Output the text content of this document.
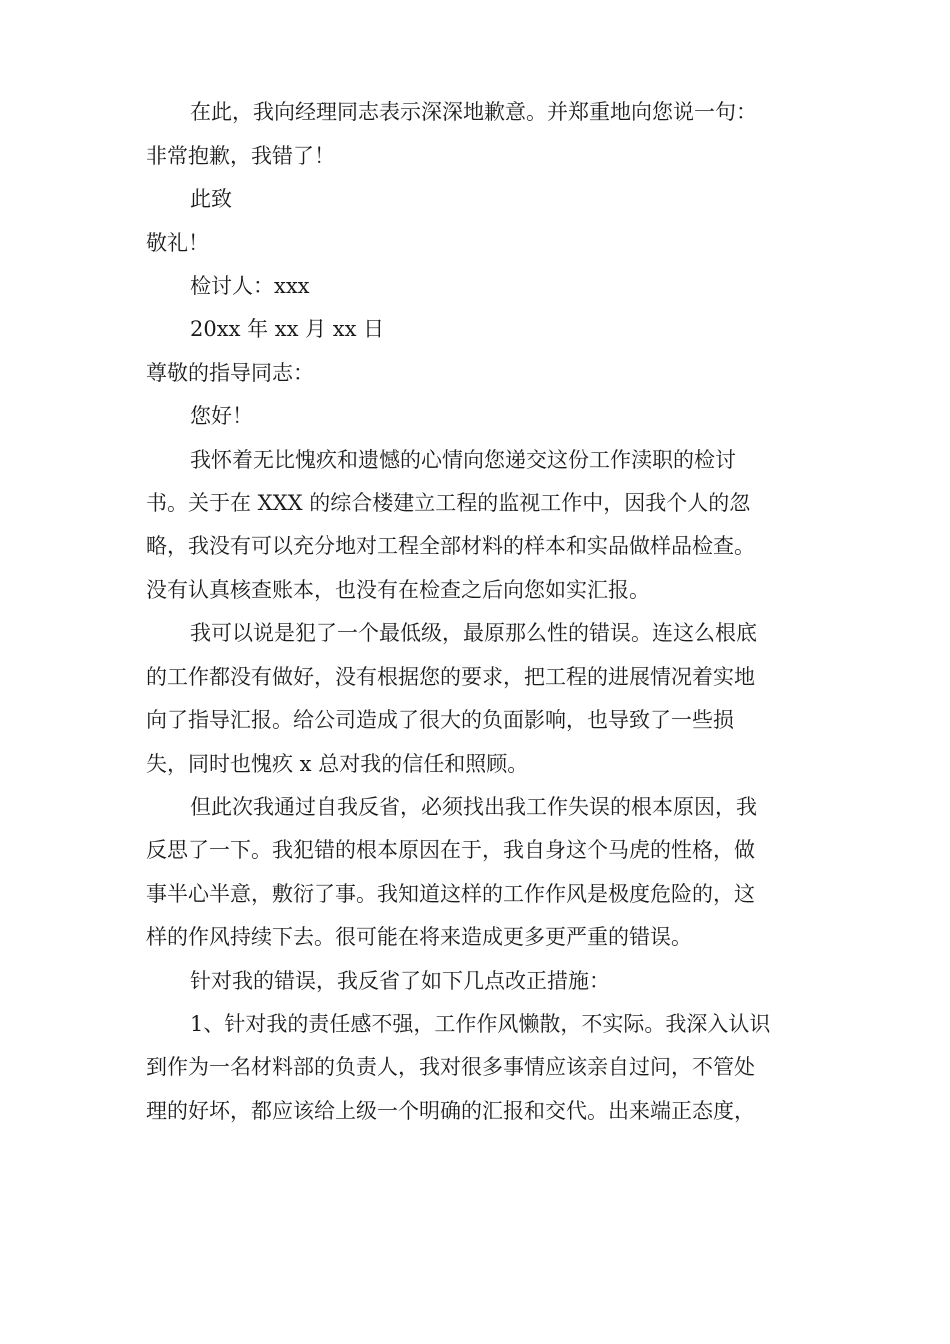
在此，我向经理同志表示深深地歉意。并郑重地向您说一句：
非常抱歉，我错了！
此致
敬礼！
检讨人：xxx
20xx 年 xx 月 xx 日
尊敬的指导同志：
您好！
我怀着无比愧疚和遗憾的心情向您递交这份工作渎职的检讨
书。关于在 XXX 的综合楼建立工程的监视工作中，因我个人的忽
略，我没有可以充分地对工程全部材料的样本和实品做样品检查。
没有认真核查账本，也没有在检查之后向您如实汇报。
我可以说是犯了一个最低级，最原那么性的错误。连这么根底
的工作都没有做好，没有根据您的要求，把工程的进展情况着实地
向了指导汇报。给公司造成了很大的负面影响，也导致了一些损
失，同时也愧疚 x 总对我的信任和照顾。
但此次我通过自我反省，必须找出我工作失误的根本原因，我
反思了一下。我犯错的根本原因在于，我自身这个马虎的性格，做
事半心半意，敷衍了事。我知道这样的工作作风是极度危险的，这
样的作风持续下去。很可能在将来造成更多更严重的错误。
针对我的错误，我反省了如下几点改正措施：
1、针对我的责任感不强，工作作风懒散，不实际。我深入认识
到作为一名材料部的负责人，我对很多事情应该亲自过问，不管处
理的好坏，都应该给上级一个明确的汇报和交代。出来端正态度，
